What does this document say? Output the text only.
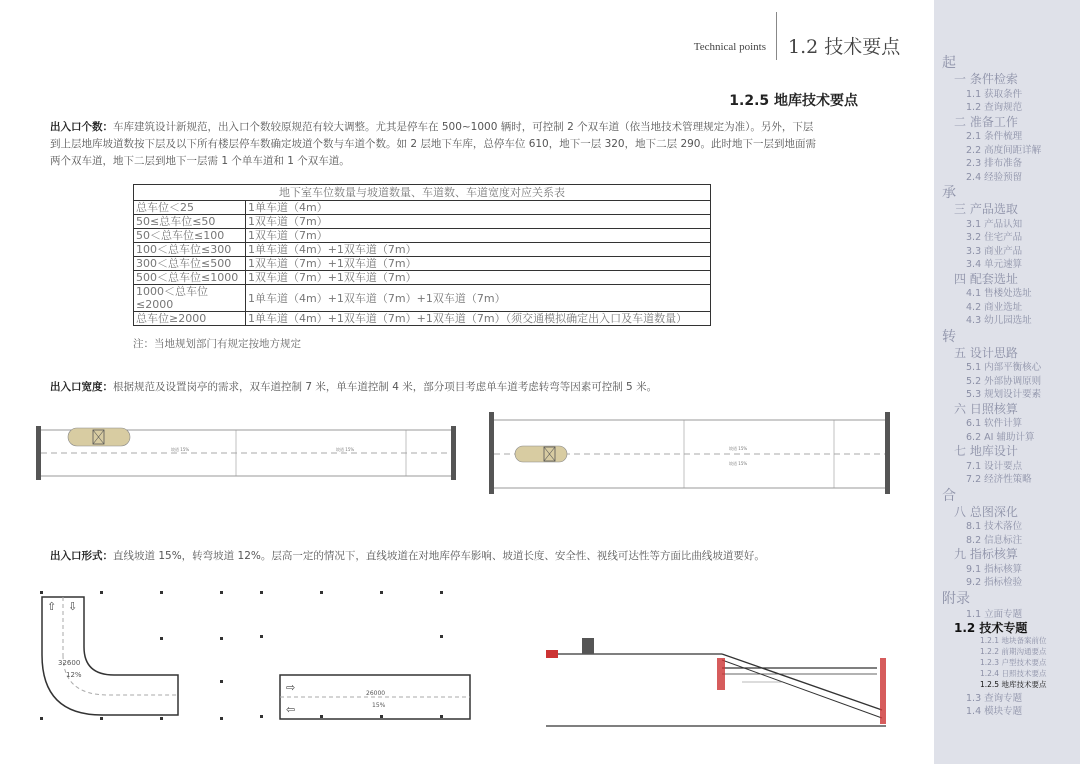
Technical points 1.2 技术要点
1.2.5 地库技术要点
出入口个数：车库建筑设计新规范，出入口个数较原规范有较大调整。尤其是停车在 500~1000 辆时，可控制 2 个双车道（依当地技术管理规定为准）。另外，下层
到上层地库坡道数按下层及以下所有楼层停车数确定坡道个数与车道个数。如 2 层地下车库，总停车位 610，地下一层 320，地下二层 290。此时地下一层到地面需
两个双车道，地下二层到地下一层需 1 个单车道和 1 个双车道。
地下室车位数量与坡道数量、车道数、车道宽度对应关系表	
总车位＜25	1单车道（4m）
50≤总车位≤50	1双车道（7m）
50＜总车位≤100	1双车道（7m）
100＜总车位≤300	1单车道（4m）+1双车道（7m）
300＜总车位≤500	1双车道（7m）+1双车道（7m）
500＜总车位≤1000	1双车道（7m）+1双车道（7m）
1000＜总车位 ≤2000	1单车道（4m）+1双车道（7m）+1双车道（7m）
总车位≥2000	1单车道（4m）+1双车道（7m）+1双车道（7m）（须交通模拟确定出入口及车道数量）
注：当地规划部门有规定按地方规定
出入口宽度：根据规范及设置岗亭的需求，双车道控制 7 米，单车道控制 4 米，部分项目考虑单车道考虑转弯等因素可控制 5 米。
坡道 15%	坡道 15%	坡道 15%
坡道 15%
出入口形式：直线坡道 15%，转弯坡道 12%。层高一定的情况下，直线坡道在对地库停车影响、坡道长度、安全性、视线可达性等方面比曲线坡道要好。
⇧ ⇩
32600
12%
⇨
⇦
26000
15%
起
一 条件检索
1.1 获取条件
1.2 查询规范
二 准备工作
2.1 条件梳理
2.2 高度间距详解
2.3 排布准备
2.4 经验预留
承
三 产品选取
3.1 产品认知
3.2 住宅产品
3.3 商业产品
3.4 单元速算
四 配套选址
4.1 售楼处选址
4.2 商业选址
4.3 幼儿园选址
转
五 设计思路
5.1 内部平衡核心
5.2 外部协调原则
5.3 规划设计要素
六 日照核算
6.1 软件计算
6.2 AI 辅助计算
七 地库设计
7.1 设计要点
7.2 经济性策略
合
八 总图深化
8.1 技术落位
8.2 信息标注
九 指标核算
9.1 指标核算
9.2 指标检验
附录
1.1 立面专题
1.2 技术专题
1.2.1 地块备案前位
1.2.2 前期沟通要点
1.2.3 户型技术要点
1.2.4 日照技术要点
1.2.5 地库技术要点
1.3 查询专题
1.4 模块专题
